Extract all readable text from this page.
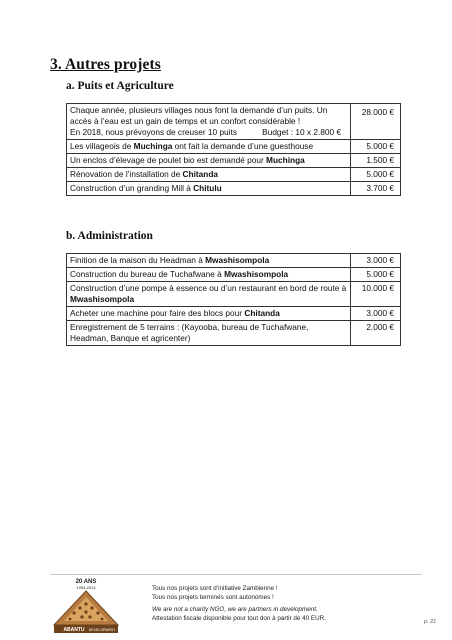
3. Autres projets
a. Puits et Agriculture
Chaque année, plusieurs villages nous font la demande d’un puits. Un accès à l’eau est un gain de temps et un confort considérable !
En 2018, nous prévoyons de creuser 10 puits Budget : 10 x 2.800 €	28.000 €
Les villageois de Muchinga ont fait la demande d’une guesthouse	5.000 €
Un enclos d’élevage de poulet bio est demandé pour Muchinga	1.500 €
Rénovation de l’installation de Chitanda	5.000 €
Construction d’un granding Mill à Chitulu	3.700 €
b. Administration
Finition de la maison du Headman à Mwashisompola	3.000 €
Construction du bureau de Tuchafwane à Mwashisompola	5.000 €
Construction d’une pompe à essence ou d’un restaurant en bord de route à Mwashisompola	10.000 €
Acheter une machine pour faire des blocs pour Chitanda	3.000 €
Enregistrement de 5 terrains : (Kayooba, bureau de Tuchafwane, Headman, Banque et agricenter)	2.000 €
20 ANS
1994-2014
ABANTU DEVELOPMENT
Tous nos projets sont d’initiative Zambienne !
Tous nos projets terminés sont autonomes !
We are not a charity NGO, we are partners in development.
Attestation fiscale disponible pour tout don à partir de 40 EUR.	p. 21
